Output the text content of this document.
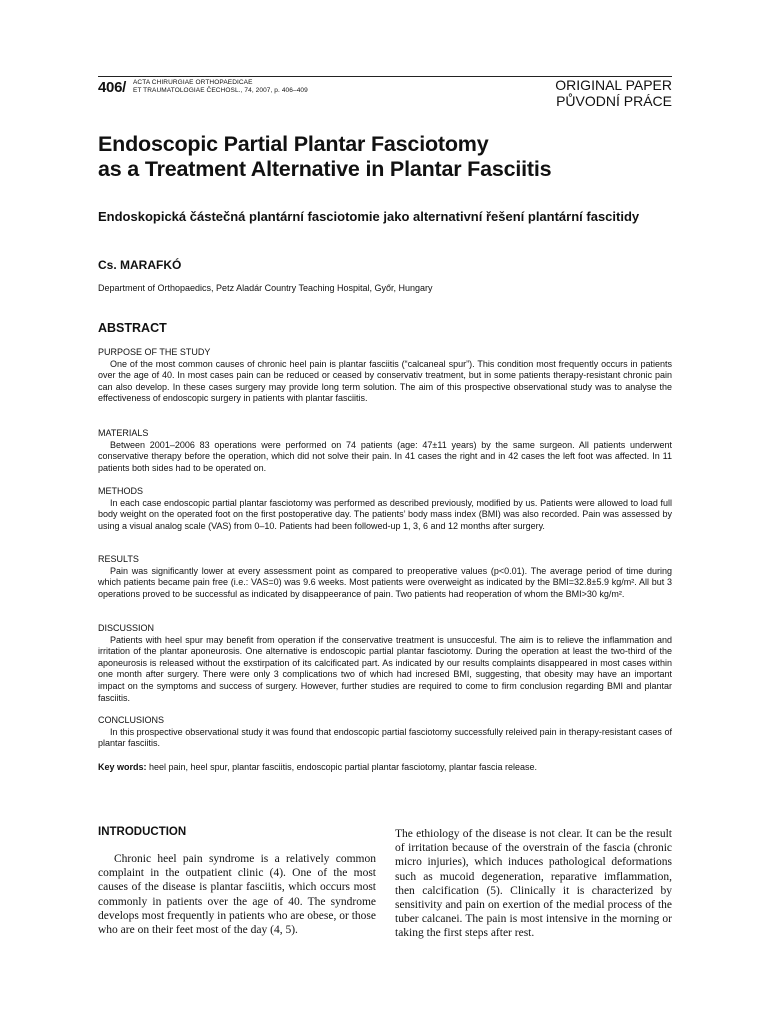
406/ ACTA CHIRURGIAE ORTHOPAEDICAE
ET TRAUMATOLOGIAE ČECHOSL., 74, 2007, p. 406–409	ORIGINAL PAPER
PŮVODNÍ PRÁCE
Endoscopic Partial Plantar Fasciotomy
as a Treatment Alternative in Plantar Fasciitis
Endoskopická částečná plantární fasciotomie jako alternativní řešení plantární fascitidy
Cs. MARAFKÓ
Department of Orthopaedics, Petz Aladár Country Teaching Hospital, Győr, Hungary
ABSTRACT
PURPOSE OF THE STUDY

One of the most common causes of chronic heel pain is plantar fasciitis (“calcaneal spur”). This condition most frequently occurs in patients over the age of 40. In most cases pain can be reduced or ceased by conservativ treatment, but in some patients therapy-resistant chronic pain can also develop. In these cases surgery may provide long term solution. The aim of this prospective observational study was to analyse the effectiveness of endoscopic surgery in patients with plantar fasciitis.

MATERIALS

Between 2001–2006 83 operations were performed on 74 patients (age: 47±11 years) by the same surgeon. All patients underwent conservative therapy before the operation, which did not solve their pain. In 41 cases the right and in 42 cases the left foot was affected. In 11 patients both sides had to be operated on.

METHODS

In each case endoscopic partial plantar fasciotomy was performed as described previously, modified by us. Patients were allowed to load full body weight on the operated foot on the first postoperative day. The patients’ body mass index (BMI) was also recorded. Pain was assessed by using a visual analog scale (VAS) from 0–10. Patients had been followed-up 1, 3, 6 and 12 months after surgery.

RESULTS

Pain was significantly lower at every assessment point as compared to preoperative values (p<0.01). The average period of time during which patients became pain free (i.e.: VAS=0) was 9.6 weeks. Most patients were overweight as indicated by the BMI=32.8±5.9 kg/m². All but 3 operations proved to be successful as indicated by disappeerance of pain. Two patients had reoperation of whom the BMI>30 kg/m².

DISCUSSION

Patients with heel spur may benefit from operation if the conservative treatment is unsuccesful. The aim is to relieve the inflammation and irritation of the plantar aponeurosis. One alternative is endoscopic partial plantar fasciotomy. During the operation at least the two-third of the aponeurosis is released without the exstirpation of its calcificated part. As indicated by our results complaints disappeared in most cases within one month after surgery. There were only 3 complications two of which had incresed BMI, suggesting, that obesity may have an important impact on the symptoms and success of surgery. However, further studies are required to come to firm conclusion regarding BMI and plantar fasciitis.

CONCLUSIONS

In this prospective observational study it was found that endoscopic partial fasciotomy successfully releived pain in therapy-resistant cases of plantar fasciitis.

Key words: heel pain, heel spur, plantar fasciitis, endoscopic partial plantar fasciotomy, plantar fascia release.
INTRODUCTION

Chronic heel pain syndrome is a relatively common complaint in the outpatient clinic (4). One of the most causes of the disease is plantar fasciitis, which occurs most commonly in patients over the age of 40. The syndrome develops most frequently in patients who are obese, or those who are on their feet most of the day (4, 5).

The ethiology of the disease is not clear. It can be the result of irritation because of the overstrain of the fascia (chronic micro injuries), which induces pathological deformations such as mucoid degeneration, reparative imflammation, then calcification (5). Clinically it is characterized by sensitivity and pain on exertion of the medial process of the tuber calcanei. The pain is most intensive in the morning or taking the first steps after rest.
